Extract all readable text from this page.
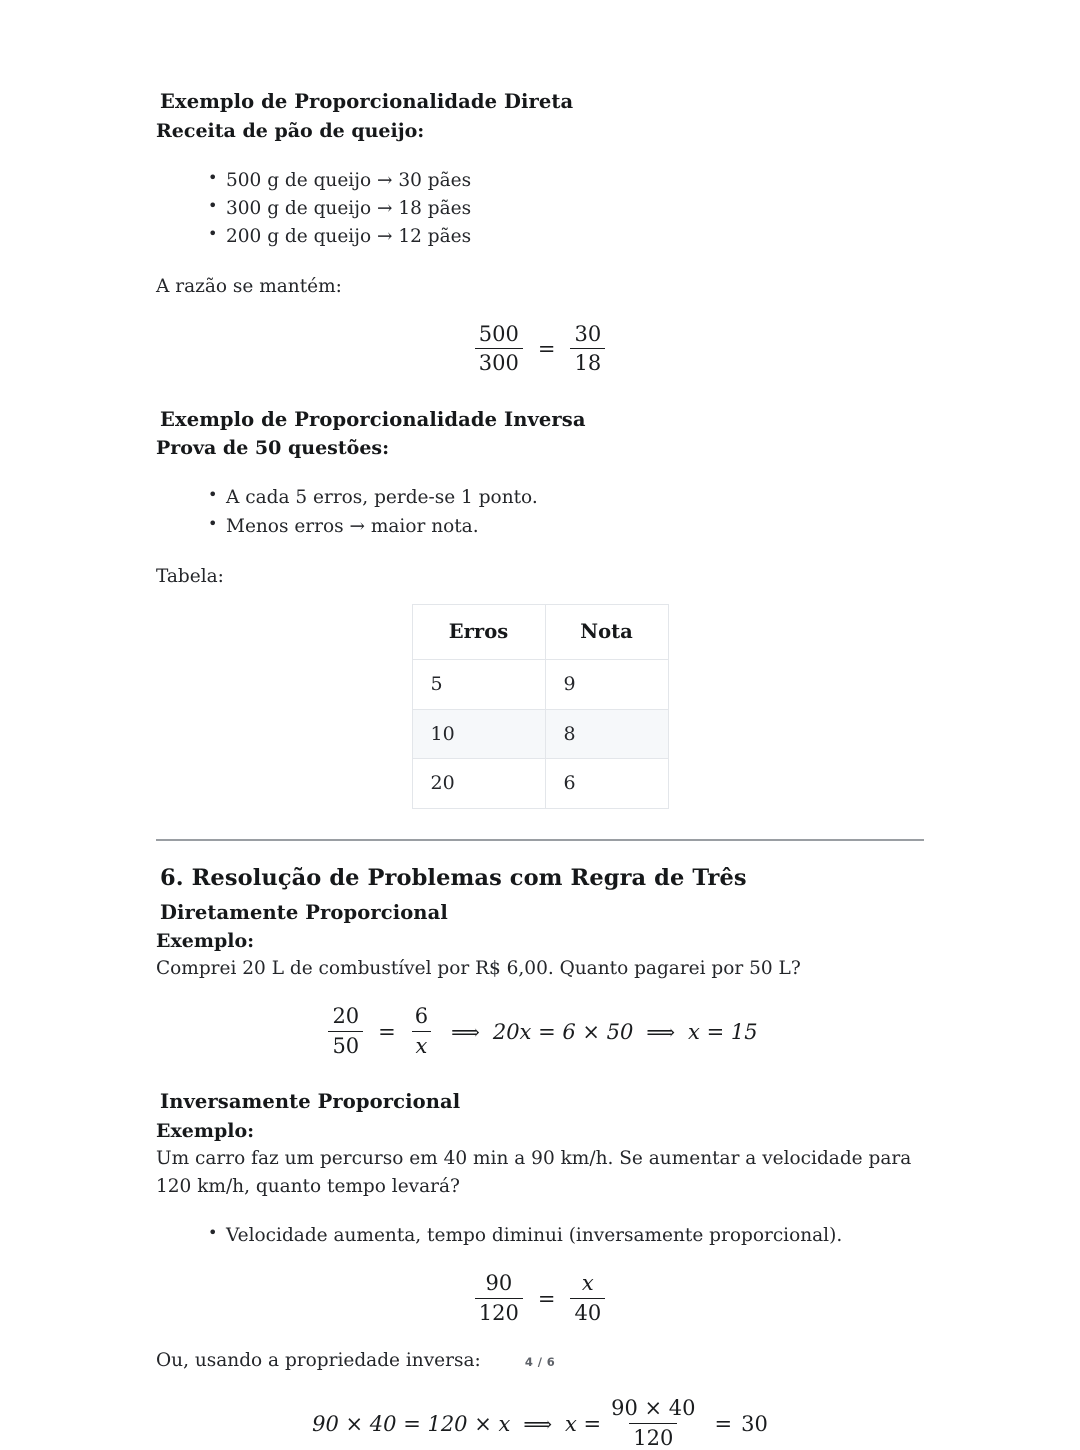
Exemplo de Proporcionalidade Direta
Receita de pão de queijo:
• 500 g de queijo → 30 pães
• 300 g de queijo → 18 pães
• 200 g de queijo → 12 pães

A razão se mantém:

$\frac{500}{300} = \frac{30}{18}$
Exemplo de Proporcionalidade Inversa
Prova de 50 questões:
• A cada 5 erros, perde-se 1 ponto.
• Menos erros → maior nota.

Tabela:

Erros	Nota
5	9
10	8
20	6
6. Resolução de Problemas com Regra de Três
Diretamente Proporcional
Exemplo:

Comprei 20 L de combustível por R$ 6,00. Quanto pagarei por 50 L?

$\frac{20}{50} = \frac{6}{x}$ ⟹ 20x = 6 × 50 ⟹ x = 15
Inversamente Proporcional
Exemplo:

Um carro faz um percurso em 40 min a 90 km/h. Se aumentar a velocidade para 120 km/h, quanto tempo levará?

• Velocidade aumenta, tempo diminui (inversamente proporcional).
$\frac{90}{120} = \frac{x}{40}$

Ou, usando a propriedade inversa:

90 × 40 = 120 × x ⟹ $x = \frac{90 \times 40}{120} = 30$
4 / 6
